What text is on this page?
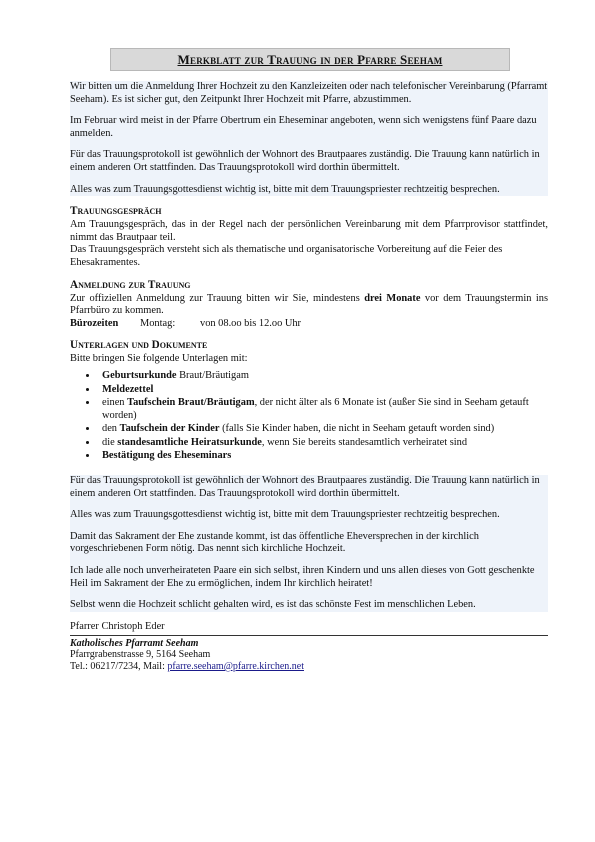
Merkblatt zur Trauung in der Pfarre Seeham

Wir bitten um die Anmeldung Ihrer Hochzeit zu den Kanzleizeiten oder nach telefonischer Vereinbarung (Pfarramt Seeham). Es ist sicher gut, den Zeitpunkt Ihrer Hochzeit mit Pfarre, abzustimmen.

Im Februar wird meist in der Pfarre Obertrum ein Eheseminar angeboten, wenn sich wenigstens fünf Paare dazu anmelden.

Für das Trauungsprotokoll ist gewöhnlich der Wohnort des Brautpaares zuständig. Die Trauung kann natürlich in einem anderen Ort stattfinden. Das Trauungsprotokoll wird dorthin übermittelt.

Alles was zum Trauungsgottesdienst wichtig ist, bitte mit dem Trauungspriester rechtzeitig besprechen.

Trauungsgespräch

Am Trauungsgespräch, das in der Regel nach der persönlichen Vereinbarung mit dem Pfarrprovisor stattfindet, nimmt das Brautpaar teil.

Das Trauungsgespräch versteht sich als thematische und organisatorische Vorbereitung auf die Feier des Ehesakramentes.

Anmeldung zur Trauung

Zur offiziellen Anmeldung zur Trauung bitten wir Sie, mindestens drei Monate vor dem Trauungstermin ins Pfarrbüro zu kommen.

Bürozeiten Montag: von 08.oo bis 12.oo Uhr
Unterlagen und Dokumente

Bitte bringen Sie folgende Unterlagen mit:

• Geburtsurkunde Braut/Bräutigam
• Meldezettel
• einen Taufschein Braut/Bräutigam, der nicht älter als 6 Monate ist (außer Sie sind in Seeham getauft worden)
• den Taufschein der Kinder (falls Sie Kinder haben, die nicht in Seeham getauft worden sind)
• die standesamtliche Heiratsurkunde, wenn Sie bereits standesamtlich verheiratet sind
• Bestätigung des Eheseminars

Für das Trauungsprotokoll ist gewöhnlich der Wohnort des Brautpaares zuständig. Die Trauung kann natürlich in einem anderen Ort stattfinden. Das Trauungsprotokoll wird dorthin übermittelt.

Alles was zum Trauungsgottesdienst wichtig ist, bitte mit dem Trauungspriester rechtzeitig besprechen.

Damit das Sakrament der Ehe zustande kommt, ist das öffentliche Eheversprechen in der kirchlich vorgeschriebenen Form nötig. Das nennt sich kirchliche Hochzeit.

Ich lade alle noch unverheirateten Paare ein sich selbst, ihren Kindern und uns allen dieses von Gott geschenkte Heil im Sakrament der Ehe zu ermöglichen, indem Ihr kirchlich heiratet!

Selbst wenn die Hochzeit schlicht gehalten wird, es ist das schönste Fest im menschlichen Leben.

Pfarrer Christoph Eder
Katholisches Pfarramt Seeham
Pfarrgrabenstrasse 9, 5164 Seeham
Tel.: 06217/7234, Mail: pfarre.seeham@pfarre.kirchen.net
